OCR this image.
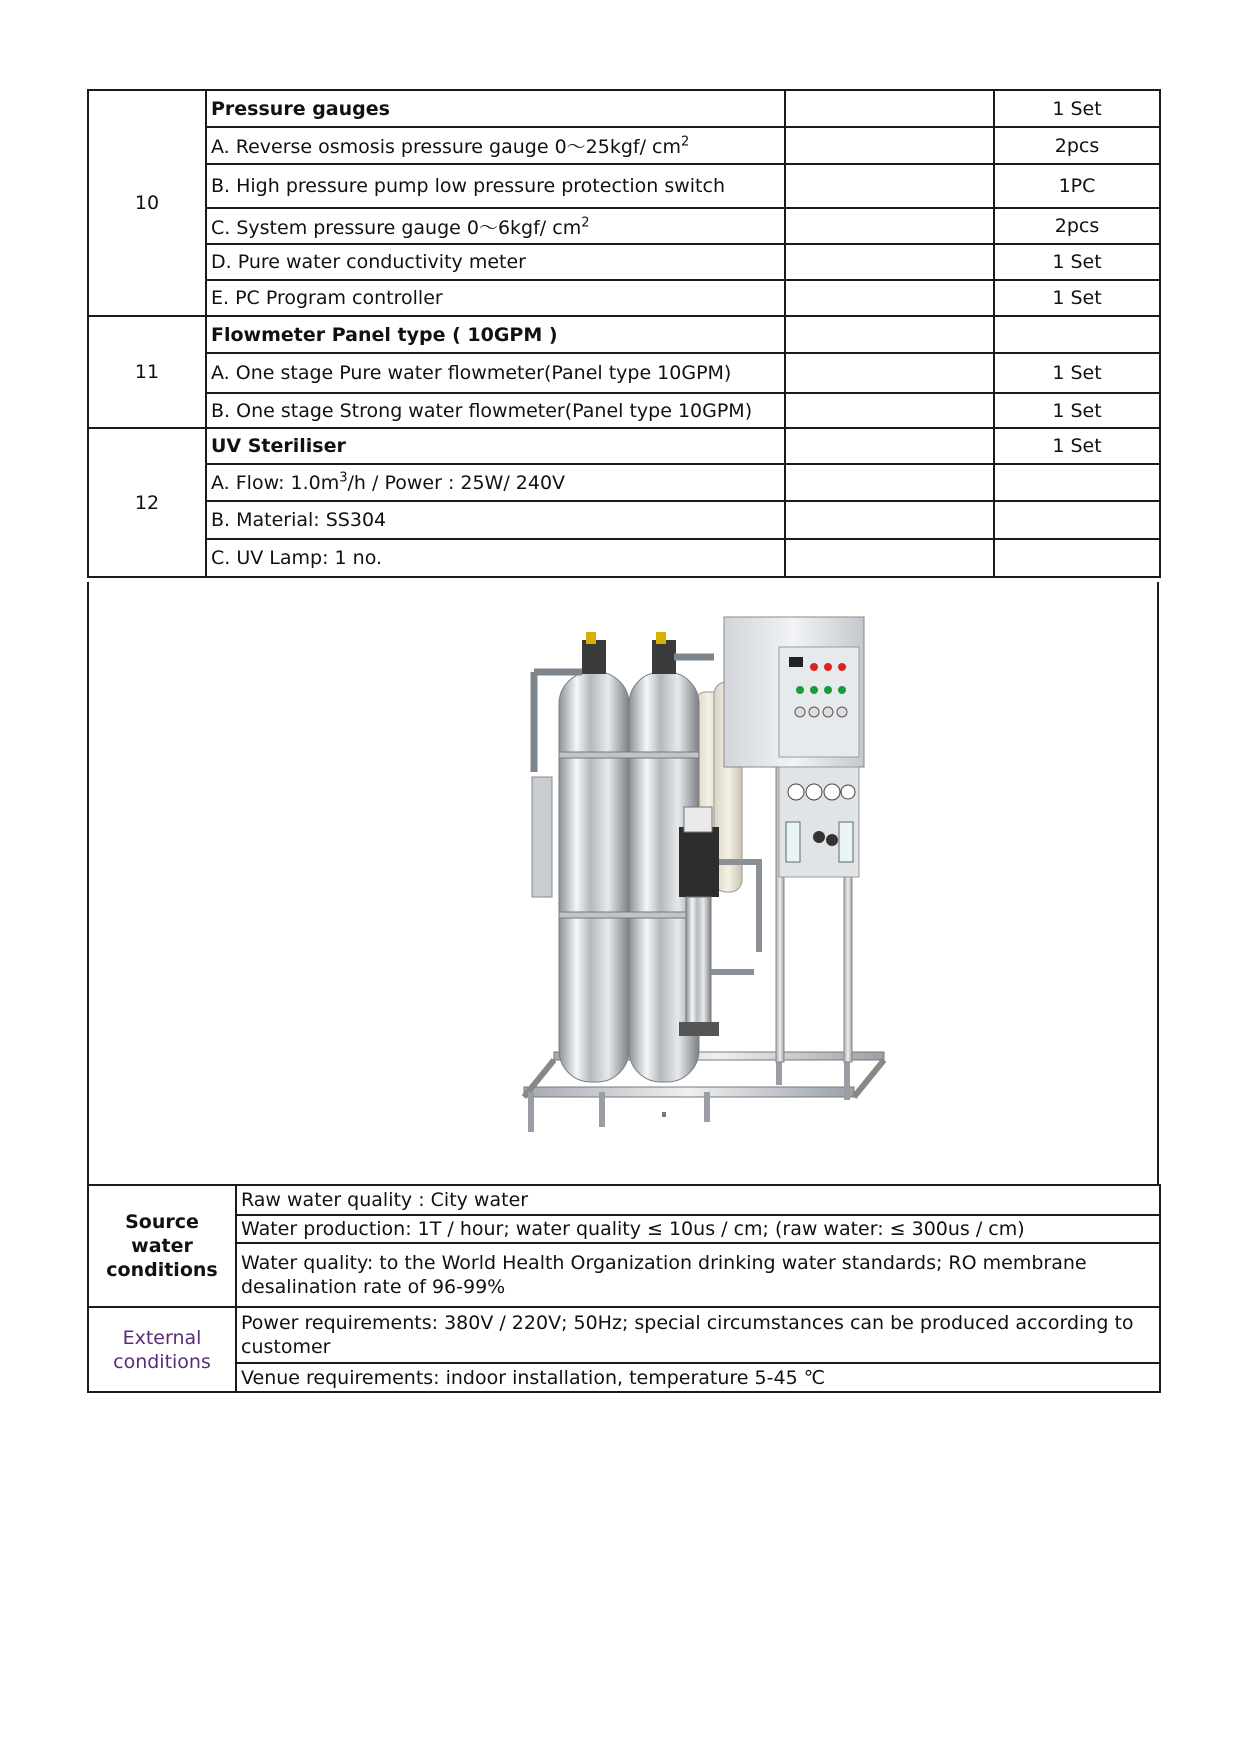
10	Pressure gauges		1 Set
	A. Reverse osmosis pressure gauge 0～25kgf/ $cm^2$		2pcs
	B. High pressure pump low pressure protection switch		1PC
	C. System pressure gauge 0～6kgf/ $cm^2$		2pcs
	D. Pure water conductivity meter		1 Set
	E. PC Program controller		1 Set
11	Flowmeter Panel type ( 10GPM )		
	A. One stage Pure water flowmeter(Panel type 10GPM)		1 Set
	B. One stage Strong water flowmeter(Panel type 10GPM)		1 Set
12	UV Steriliser		1 Set
	A. Flow: $1.0m^3/h$ / Power : 25W/ 240V		
	B. Material: SS304		
	C. UV Lamp: 1 no.		
Source water conditions	Raw water quality : City water
	Water production: 1T / hour; water quality ≤ 10us / cm; (raw water: ≤ 300us / cm)
	Water quality: to the World Health Organization drinking water standards; RO membrane desalination rate of 96-99%
External conditions	Power requirements: 380V / 220V; 50Hz; special circumstances can be produced according to customer
	Venue requirements: indoor installation, temperature 5-45 ℃
